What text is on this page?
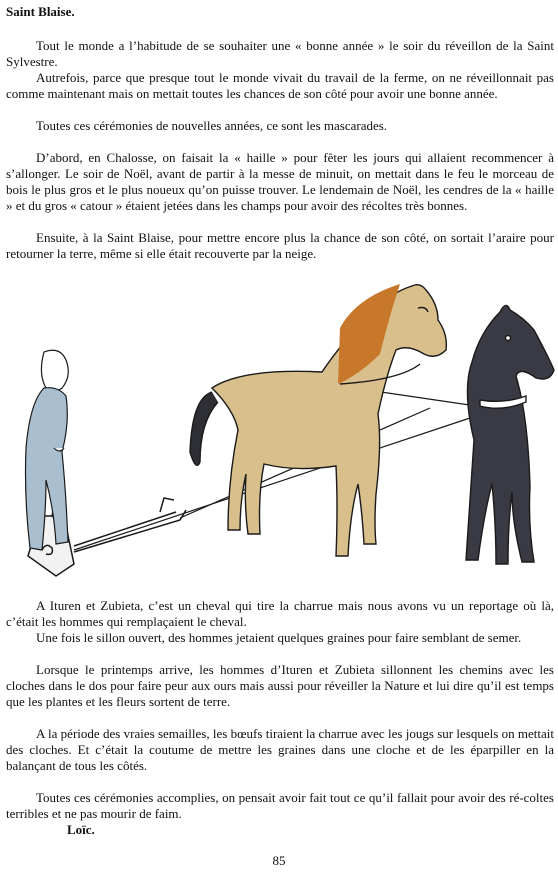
Saint Blaise.
Tout le monde a l’habitude de se souhaiter une « bonne année » le soir du réveillon de la Saint Sylvestre.
Autrefois, parce que presque tout le monde vivait du travail de la ferme, on ne réveillonnait pas comme maintenant mais on mettait toutes les chances de son côté pour avoir une bonne année.
Toutes ces cérémonies de nouvelles années, ce sont les mascarades.
D’abord, en Chalosse, on faisait la « haille » pour fêter les jours qui allaient recommencer à s’allonger. Le soir de Noël, avant de partir à la messe de minuit, on mettait dans le feu le morceau de bois le plus gros et le plus noueux qu’on puisse trouver. Le lendemain de Noël, les cendres de la « haille » et du gros « catour » étaient jetées dans les champs pour avoir des récoltes très bonnes.
Ensuite, à la Saint Blaise, pour mettre encore plus la chance de son côté, on sortait l’araire pour retourner la terre, même si elle était recouverte par la neige.
A Ituren et Zubieta, c’est un cheval qui tire la charrue mais nous avons vu un reportage où là, c’était les hommes qui remplaçaient le cheval.
Une fois le sillon ouvert, des hommes jetaient quelques graines pour faire semblant de semer.
Lorsque le printemps arrive, les hommes d’Ituren et Zubieta sillonnent les chemins avec les cloches dans le dos pour faire peur aux ours mais aussi pour réveiller la Nature et lui dire qu’il est temps que les plantes et les fleurs sortent de terre.
A la période des vraies semailles, les bœufs tiraient la charrue avec les jougs sur lesquels on mettait des cloches. Et c’était la coutume de mettre les graines dans une cloche et de les éparpiller en la balançant de tous les côtés.
Toutes ces cérémonies accomplies, on pensait avoir fait tout ce qu’il fallait pour avoir des ré-coltes terribles et ne pas mourir de faim.
Loïc.
85
